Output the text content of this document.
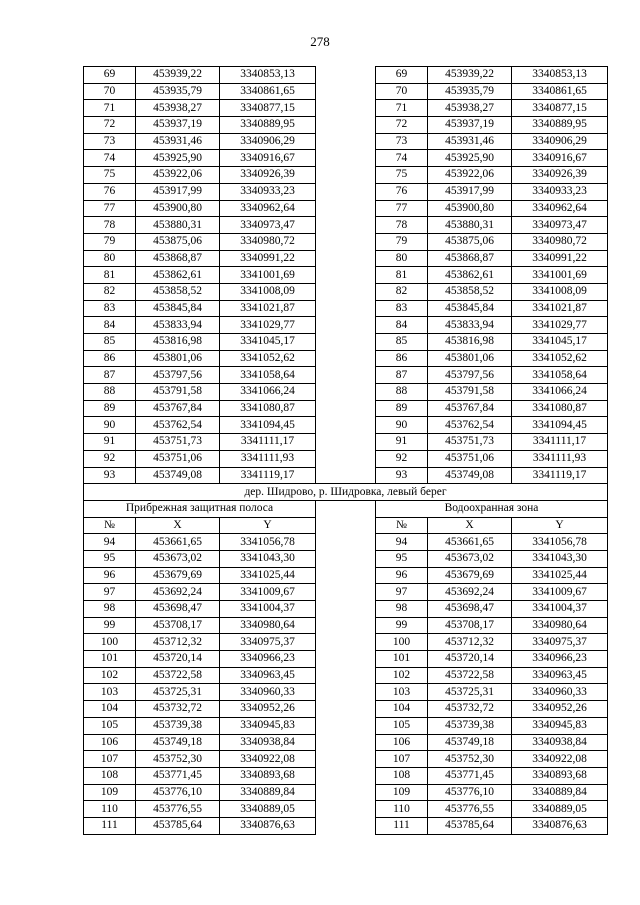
278
69	453939,22	3340853,13		69	453939,22	3340853,13
70	453935,79	3340861,65		70	453935,79	3340861,65
71	453938,27	3340877,15		71	453938,27	3340877,15
72	453937,19	3340889,95		72	453937,19	3340889,95
73	453931,46	3340906,29		73	453931,46	3340906,29
74	453925,90	3340916,67		74	453925,90	3340916,67
75	453922,06	3340926,39		75	453922,06	3340926,39
76	453917,99	3340933,23		76	453917,99	3340933,23
77	453900,80	3340962,64		77	453900,80	3340962,64
78	453880,31	3340973,47		78	453880,31	3340973,47
79	453875,06	3340980,72		79	453875,06	3340980,72
80	453868,87	3340991,22		80	453868,87	3340991,22
81	453862,61	3341001,69		81	453862,61	3341001,69
82	453858,52	3341008,09		82	453858,52	3341008,09
83	453845,84	3341021,87		83	453845,84	3341021,87
84	453833,94	3341029,77		84	453833,94	3341029,77
85	453816,98	3341045,17		85	453816,98	3341045,17
86	453801,06	3341052,62		86	453801,06	3341052,62
87	453797,56	3341058,64		87	453797,56	3341058,64
88	453791,58	3341066,24		88	453791,58	3341066,24
89	453767,84	3341080,87		89	453767,84	3341080,87
90	453762,54	3341094,45		90	453762,54	3341094,45
91	453751,73	3341111,17		91	453751,73	3341111,17
92	453751,06	3341111,93		92	453751,06	3341111,93
93	453749,08	3341119,17		93	453749,08	3341119,17
дер. Шидрово, р. Шидровка, левый берег						
Прибрежная защитная полоса				Водоохранная зона		
№	X	Y		№	X	Y
94	453661,65	3341056,78		94	453661,65	3341056,78
95	453673,02	3341043,30		95	453673,02	3341043,30
96	453679,69	3341025,44		96	453679,69	3341025,44
97	453692,24	3341009,67		97	453692,24	3341009,67
98	453698,47	3341004,37		98	453698,47	3341004,37
99	453708,17	3340980,64		99	453708,17	3340980,64
100	453712,32	3340975,37		100	453712,32	3340975,37
101	453720,14	3340966,23		101	453720,14	3340966,23
102	453722,58	3340963,45		102	453722,58	3340963,45
103	453725,31	3340960,33		103	453725,31	3340960,33
104	453732,72	3340952,26		104	453732,72	3340952,26
105	453739,38	3340945,83		105	453739,38	3340945,83
106	453749,18	3340938,84		106	453749,18	3340938,84
107	453752,30	3340922,08		107	453752,30	3340922,08
108	453771,45	3340893,68		108	453771,45	3340893,68
109	453776,10	3340889,84		109	453776,10	3340889,84
110	453776,55	3340889,05		110	453776,55	3340889,05
111	453785,64	3340876,63		111	453785,64	3340876,63
